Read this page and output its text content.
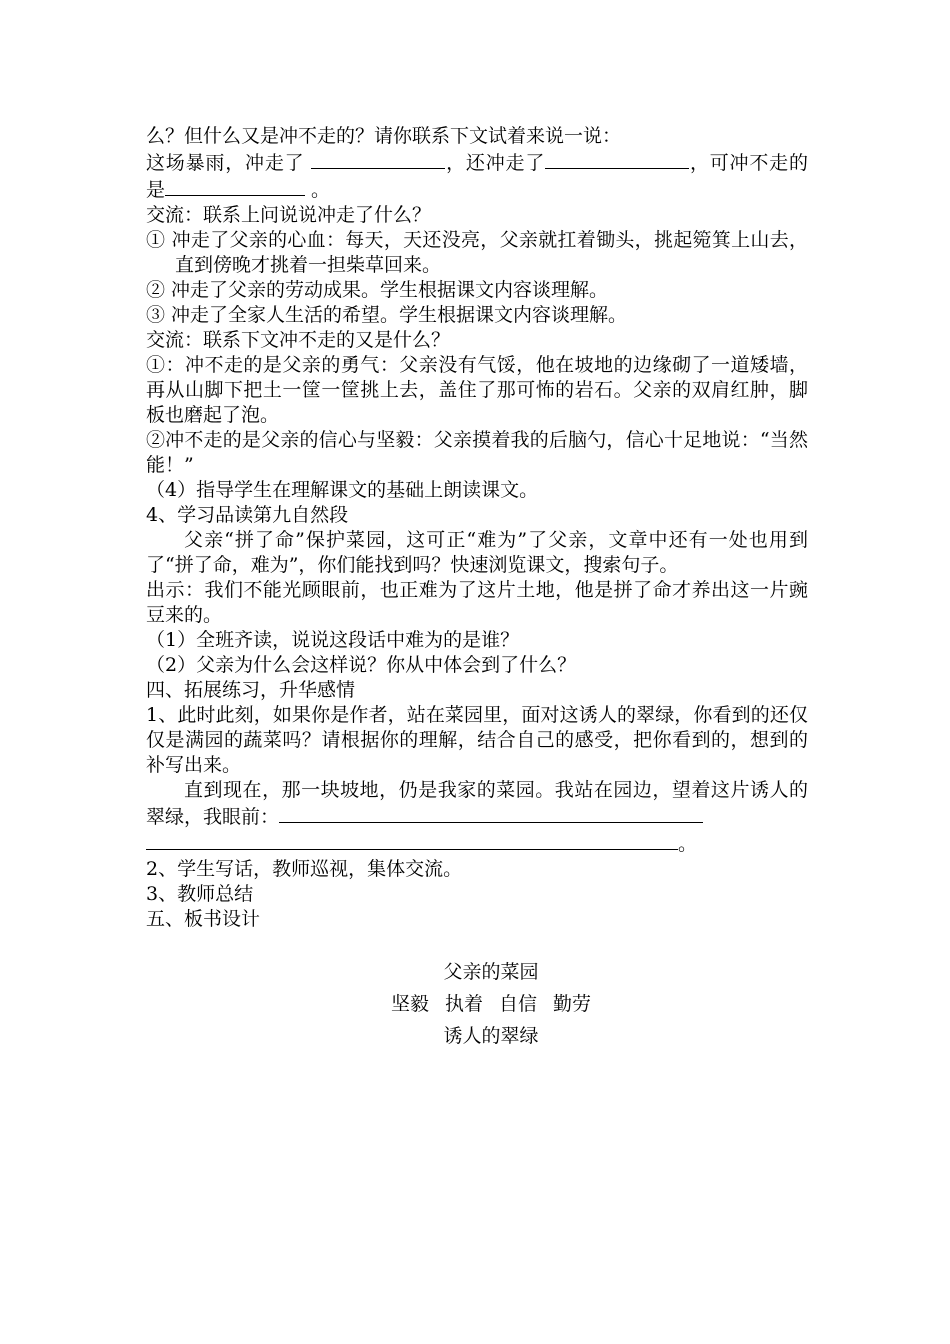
么？但什么又是冲不走的？请你联系下文试着来说一说：

这场暴雨，冲走了	，还冲走了	，可冲不走的是	。

交流：联系上问说说冲走了什么？

① 冲走了父亲的心血：每天，天还没亮，父亲就扛着锄头，挑起箢箕上山去，直到傍晚才挑着一担柴草回来。

② 冲走了父亲的劳动成果。学生根据课文内容谈理解。

③ 冲走了全家人生活的希望。学生根据课文内容谈理解。

交流：联系下文冲不走的又是什么？

①：冲不走的是父亲的勇气：父亲没有气馁，他在坡地的边缘砌了一道矮墙，再从山脚下把土一筐一筐挑上去，盖住了那可怖的岩石。父亲的双肩红肿，脚板也磨起了泡。

②冲不走的是父亲的信心与坚毅：父亲摸着我的后脑勺，信心十足地说：“当然能！”

（4）指导学生在理解课文的基础上朗读课文。

4、学习品读第九自然段

父亲“拼了命”保护菜园，这可正“难为”了父亲，文章中还有一处也用到了“拼了命，难为”，你们能找到吗？快速浏览课文，搜索句子。

出示：我们不能光顾眼前，也正难为了这片土地，他是拼了命才养出这一片豌豆来的。

（1）全班齐读，说说这段话中难为的是谁？

（2）父亲为什么会这样说？你从中体会到了什么？

四、拓展练习，升华感情

1、此时此刻，如果你是作者，站在菜园里，面对这诱人的翠绿，你看到的还仅仅是满园的蔬菜吗？请根据你的理解，结合自己的感受，把你看到的，想到的补写出来。

直到现在，那一块坡地，仍是我家的菜园。我站在园边，望着这片诱人的翠绿，我眼前：

。

2、学生写话，教师巡视，集体交流。

3、教师总结

五、板书设计

父亲的菜园
坚毅 执着 自信 勤劳
诱人的翠绿
